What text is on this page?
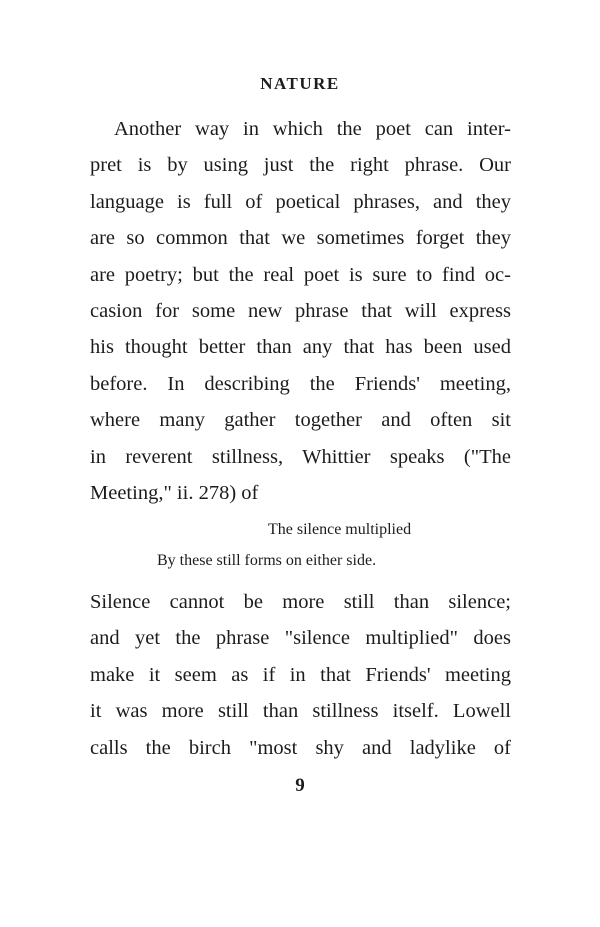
NATURE
Another way in which the poet can inter-
pret is by using just the right phrase. Our
language is full of poetical phrases, and they
are so common that we sometimes forget they
are poetry; but the real poet is sure to find oc-
casion for some new phrase that will express
his thought better than any that has been used
before. In describing the Friends' meeting,
where many gather together and often sit
in reverent stillness, Whittier speaks ("The
Meeting," ii. 278) of
The silence multiplied
By these still forms on either side.
Silence cannot be more still than silence;
and yet the phrase "silence multiplied" does
make it seem as if in that Friends' meeting
it was more still than stillness itself. Lowell
calls the birch "most shy and ladylike of
9
